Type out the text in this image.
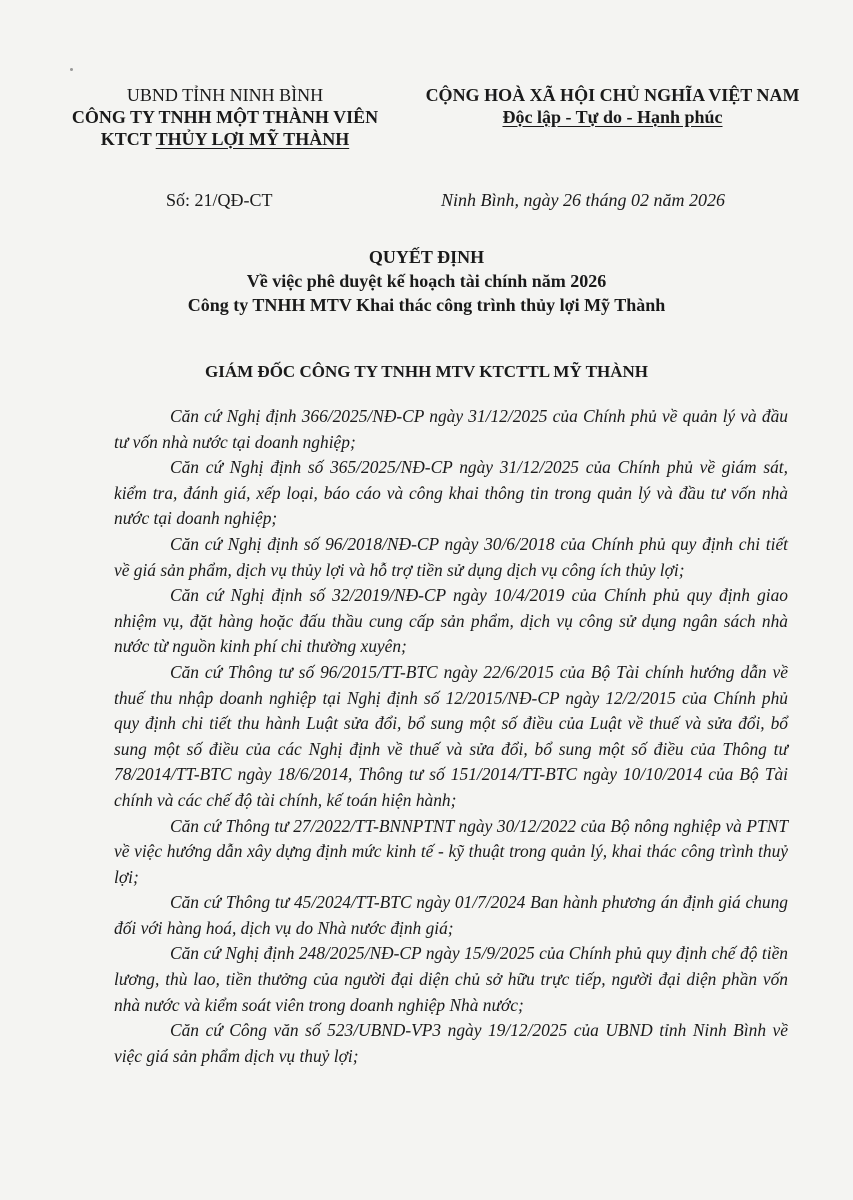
UBND TỈNH NINH BÌNH
CÔNG TY TNHH MỘT THÀNH VIÊN
KTCT THỦY LỢI MỸ THÀNH
CỘNG HOÀ XÃ HỘI CHỦ NGHĨA VIỆT NAM
Độc lập - Tự do - Hạnh phúc
Số: 21/QĐ-CT	Ninh Bình, ngày 26 tháng 02 năm 2026
QUYẾT ĐỊNH
Về việc phê duyệt kế hoạch tài chính năm 2026
Công ty TNHH MTV Khai thác công trình thủy lợi Mỹ Thành
GIÁM ĐỐC CÔNG TY TNHH MTV KTCTTL MỸ THÀNH

Căn cứ Nghị định 366/2025/NĐ-CP ngày 31/12/2025 của Chính phủ về quản lý và đầu tư vốn nhà nước tại doanh nghiệp;

Căn cứ Nghị định số 365/2025/NĐ-CP ngày 31/12/2025 của Chính phủ về giám sát, kiểm tra, đánh giá, xếp loại, báo cáo và công khai thông tin trong quản lý và đầu tư vốn nhà nước tại doanh nghiệp;

Căn cứ Nghị định số 96/2018/NĐ-CP ngày 30/6/2018 của Chính phủ quy định chi tiết về giá sản phẩm, dịch vụ thủy lợi và hỗ trợ tiền sử dụng dịch vụ công ích thủy lợi;

Căn cứ Nghị định số 32/2019/NĐ-CP ngày 10/4/2019 của Chính phủ quy định giao nhiệm vụ, đặt hàng hoặc đấu thầu cung cấp sản phẩm, dịch vụ công sử dụng ngân sách nhà nước từ nguồn kinh phí chi thường xuyên;

Căn cứ Thông tư số 96/2015/TT-BTC ngày 22/6/2015 của Bộ Tài chính hướng dẫn về thuế thu nhập doanh nghiệp tại Nghị định số 12/2015/NĐ-CP ngày 12/2/2015 của Chính phủ quy định chi tiết thu hành Luật sửa đổi, bổ sung một số điều của Luật về thuế và sửa đổi, bổ sung một số điều của các Nghị định về thuế và sửa đổi, bổ sung một số điều của Thông tư 78/2014/TT-BTC ngày 18/6/2014, Thông tư số 151/2014/TT-BTC ngày 10/10/2014 của Bộ Tài chính và các chế độ tài chính, kế toán hiện hành;

Căn cứ Thông tư 27/2022/TT-BNNPTNT ngày 30/12/2022 của Bộ nông nghiệp và PTNT về việc hướng dẫn xây dựng định mức kinh tế - kỹ thuật trong quản lý, khai thác công trình thuỷ lợi;

Căn cứ Thông tư 45/2024/TT-BTC ngày 01/7/2024 Ban hành phương án định giá chung đối với hàng hoá, dịch vụ do Nhà nước định giá;

Căn cứ Nghị định 248/2025/NĐ-CP ngày 15/9/2025 của Chính phủ quy định chế độ tiền lương, thù lao, tiền thưởng của người đại diện chủ sở hữu trực tiếp, người đại diện phần vốn nhà nước và kiểm soát viên trong doanh nghiệp Nhà nước;

Căn cứ Công văn số 523/UBND-VP3 ngày 19/12/2025 của UBND tỉnh Ninh Bình về việc giá sản phẩm dịch vụ thuỷ lợi;
